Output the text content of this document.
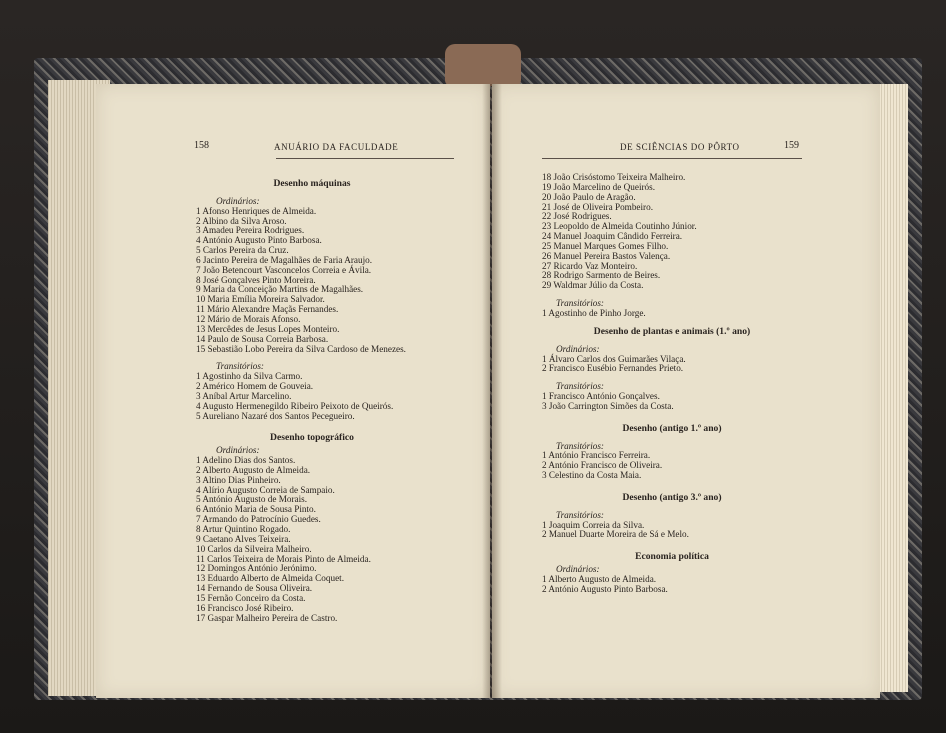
158	ANUÁRIO DA FACULDADE
Desenho máquinas
Ordinários:
1 Afonso Henriques de Almeida.
2 Albino da Silva Aroso.
3 Amadeu Pereira Rodrigues.
4 António Augusto Pinto Barbosa.
5 Carlos Pereira da Cruz.
6 Jacinto Pereira de Magalhães de Faria Araujo.
7 João Betencourt Vasconcelos Correia e Ávila.
8 José Gonçalves Pinto Moreira.
9 Maria da Conceição Martins de Magalhães.
10 Maria Emília Moreira Salvador.
11 Mário Alexandre Maçãs Fernandes.
12 Mário de Morais Afonso.
13 Mercêdes de Jesus Lopes Monteiro.
14 Paulo de Sousa Correia Barbosa.
15 Sebastião Lobo Pereira da Silva Cardoso de Menezes.
Transitórios:
1 Agostinho da Silva Carmo.
2 Américo Homem de Gouveia.
3 Aníbal Artur Marcelino.
4 Augusto Hermenegildo Ribeiro Peixoto de Queirós.
5 Aureliano Nazaré dos Santos Pecegueiro.
Desenho topográfico
Ordinários:
1 Adelino Dias dos Santos.
2 Alberto Augusto de Almeida.
3 Altino Dias Pinheiro.
4 Alírio Augusto Correia de Sampaio.
5 António Augusto de Morais.
6 António Maria de Sousa Pinto.
7 Armando do Patrocínio Guedes.
8 Artur Quintino Rogado.
9 Caetano Alves Teixeira.
10 Carlos da Silveira Malheiro.
11 Carlos Teixeira de Morais Pinto de Almeida.
12 Domingos António Jerónimo.
13 Eduardo Alberto de Almeida Coquet.
14 Fernando de Sousa Oliveira.
15 Fernão Conceiro da Costa.
16 Francisco José Ribeiro.
17 Gaspar Malheiro Pereira de Castro.
DE SCIÊNCIAS DO PÔRTO	159
18 João Crisóstomo Teixeira Malheiro.
19 João Marcelino de Queirós.
20 João Paulo de Aragão.
21 José de Oliveira Pombeiro.
22 José Rodrigues.
23 Leopoldo de Almeida Coutinho Júnior.
24 Manuel Joaquim Cândido Ferreira.
25 Manuel Marques Gomes Filho.
26 Manuel Pereira Bastos Valença.
27 Ricardo Vaz Monteiro.
28 Rodrigo Sarmento de Beires.
29 Waldmar Júlio da Costa.
Transitórios:
1 Agostinho de Pinho Jorge.
Desenho de plantas e animais (1.º ano)
Ordinários:
1 Álvaro Carlos dos Guimarães Vilaça.
2 Francisco Eusébio Fernandes Prieto.
Transitórios:
1 Francisco António Gonçalves.
3 João Carrington Simões da Costa.
Desenho (antigo 1.º ano)
Transitórios:
1 António Francisco Ferreira.
2 António Francisco de Oliveira.
3 Celestino da Costa Maia.
Desenho (antigo 3.º ano)
Transitórios:
1 Joaquim Correia da Silva.
2 Manuel Duarte Moreira de Sá e Melo.
Economia política
Ordinários:
1 Alberto Augusto de Almeida.
2 António Augusto Pinto Barbosa.
